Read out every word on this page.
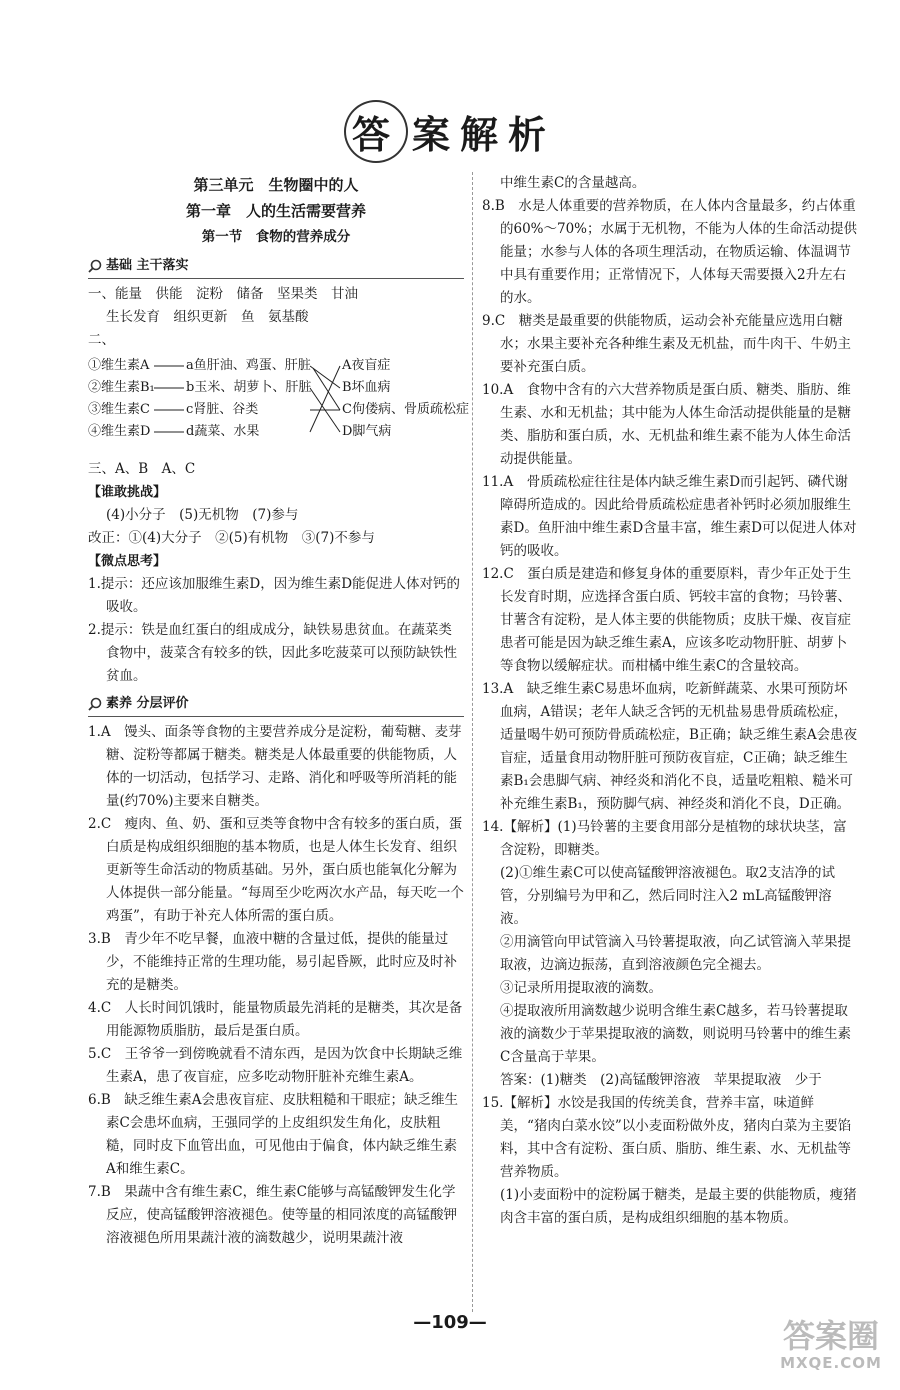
答 案解析
第三单元　生物圈中的人
第一章　人的生活需要营养
第一节　食物的营养成分
基础 主干落实

一、能量　供能　淀粉　储备　坚果类　甘油

生长发育　组织更新　鱼　氨基酸

二、

①维生素A
②维生素B₁
③维生素C
④维生素D
a鱼肝油、鸡蛋、肝脏
b玉米、胡萝卜、肝脏
c肾脏、谷类
d蔬菜、水果
A夜盲症
B坏血病
C佝偻病、骨质疏松症
D脚气病

三、A、B　A、C

【谁敢挑战】

(4)小分子　(5)无机物　(7)参与

改正：①(4)大分子　②(5)有机物　③(7)不参与

【微点思考】

1.提示：还应该加服维生素D，因为维生素D能促进人体对钙的吸收。

2.提示：铁是血红蛋白的组成成分，缺铁易患贫血。在蔬菜类食物中，菠菜含有较多的铁，因此多吃菠菜可以预防缺铁性贫血。

素养 分层评价

1.A　馒头、面条等食物的主要营养成分是淀粉，葡萄糖、麦芽糖、淀粉等都属于糖类。糖类是人体最重要的供能物质，人体的一切活动，包括学习、走路、消化和呼吸等所消耗的能量(约70%)主要来自糖类。

2.C　瘦肉、鱼、奶、蛋和豆类等食物中含有较多的蛋白质，蛋白质是构成组织细胞的基本物质，也是人体生长发育、组织更新等生命活动的物质基础。另外，蛋白质也能氧化分解为人体提供一部分能量。“每周至少吃两次水产品，每天吃一个鸡蛋”，有助于补充人体所需的蛋白质。

3.B　青少年不吃早餐，血液中糖的含量过低，提供的能量过少，不能维持正常的生理功能，易引起昏厥，此时应及时补充的是糖类。

4.C　人长时间饥饿时，能量物质最先消耗的是糖类，其次是备用能源物质脂肪，最后是蛋白质。

5.C　王爷爷一到傍晚就看不清东西，是因为饮食中长期缺乏维生素A，患了夜盲症，应多吃动物肝脏补充维生素A。

6.B　缺乏维生素A会患夜盲症、皮肤粗糙和干眼症；缺乏维生素C会患坏血病，王强同学的上皮组织发生角化，皮肤粗糙，同时皮下血管出血，可见他由于偏食，体内缺乏维生素A和维生素C。

7.B　果蔬中含有维生素C，维生素C能够与高锰酸钾发生化学反应，使高锰酸钾溶液褪色。使等量的相同浓度的高锰酸钾溶液褪色所用果蔬汁液的滴数越少，说明果蔬汁液

中维生素C的含量越高。

8.B　水是人体重要的营养物质，在人体内含量最多，约占体重的60%～70%；水属于无机物，不能为人体的生命活动提供能量；水参与人体的各项生理活动，在物质运输、体温调节中具有重要作用；正常情况下，人体每天需要摄入2升左右的水。

9.C　糖类是最重要的供能物质，运动会补充能量应选用白糖水；水果主要补充各种维生素及无机盐，而牛肉干、牛奶主要补充蛋白质。

10.A　食物中含有的六大营养物质是蛋白质、糖类、脂肪、维生素、水和无机盐；其中能为人体生命活动提供能量的是糖类、脂肪和蛋白质，水、无机盐和维生素不能为人体生命活动提供能量。

11.A　骨质疏松症往往是体内缺乏维生素D而引起钙、磷代谢障碍所造成的。因此给骨质疏松症患者补钙时必须加服维生素D。鱼肝油中维生素D含量丰富，维生素D可以促进人体对钙的吸收。

12.C　蛋白质是建造和修复身体的重要原料，青少年正处于生长发育时期，应选择含蛋白质、钙较丰富的食物；马铃薯、甘薯含有淀粉，是人体主要的供能物质；皮肤干燥、夜盲症患者可能是因为缺乏维生素A，应该多吃动物肝脏、胡萝卜等食物以缓解症状。而柑橘中维生素C的含量较高。

13.A　缺乏维生素C易患坏血病，吃新鲜蔬菜、水果可预防坏血病，A错误；老年人缺乏含钙的无机盐易患骨质疏松症，适量喝牛奶可预防骨质疏松症，B正确；缺乏维生素A会患夜盲症，适量食用动物肝脏可预防夜盲症，C正确；缺乏维生素B₁会患脚气病、神经炎和消化不良，适量吃粗粮、糙米可补充维生素B₁，预防脚气病、神经炎和消化不良，D正确。

14.【解析】(1)马铃薯的主要食用部分是植物的球状块茎，富含淀粉，即糖类。

(2)①维生素C可以使高锰酸钾溶液褪色。取2支洁净的试管，分别编号为甲和乙，然后同时注入2 mL高锰酸钾溶液。

②用滴管向甲试管滴入马铃薯提取液，向乙试管滴入苹果提取液，边滴边振荡，直到溶液颜色完全褪去。

③记录所用提取液的滴数。

④提取液所用滴数越少说明含维生素C越多，若马铃薯提取液的滴数少于苹果提取液的滴数，则说明马铃薯中的维生素C含量高于苹果。

答案：(1)糖类　(2)高锰酸钾溶液　苹果提取液　少于

15.【解析】水饺是我国的传统美食，营养丰富，味道鲜美，“猪肉白菜水饺”以小麦面粉做外皮，猪肉白菜为主要馅料，其中含有淀粉、蛋白质、脂肪、维生素、水、无机盐等营养物质。

(1)小麦面粉中的淀粉属于糖类，是最主要的供能物质，瘦猪肉含丰富的蛋白质，是构成组织细胞的基本物质。

—109—	答案圈
MXQE.COM
